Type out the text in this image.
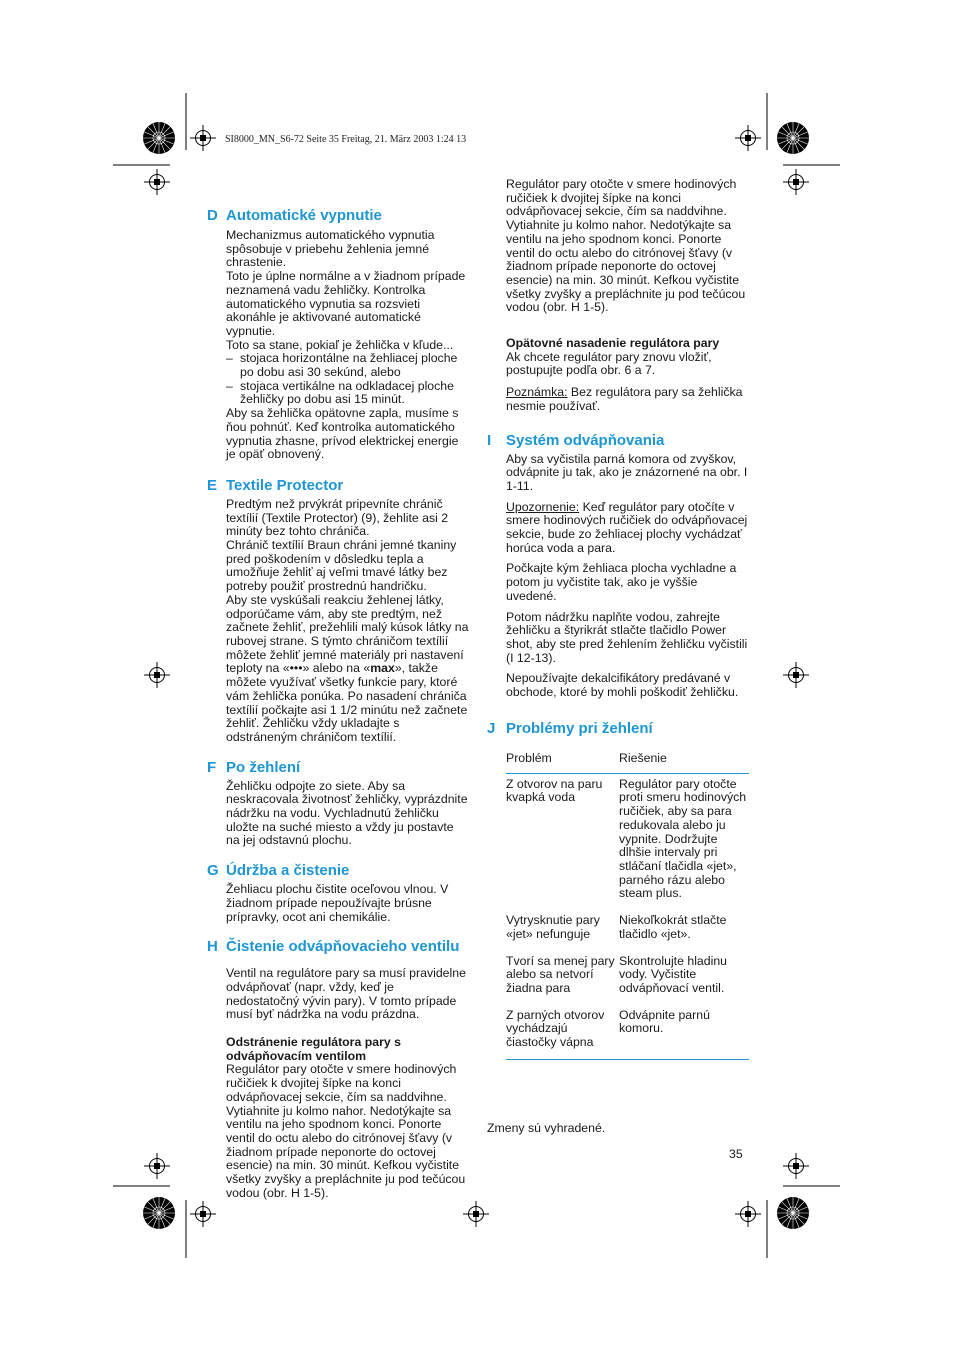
SI8000_MN_S6-72 Seite 35 Freitag, 21. März 2003 1:24 13
D Automatické vypnutie

Mechanizmus automatického vypnutia spôsobuje v priebehu žehlenia jemné chrastenie.

Toto je úplne normálne a v žiadnom prípade neznamená vadu žehličky. Kontrolka automatického vypnutia sa rozsvieti akonáhle je aktivované automatické vypnutie.

Toto sa stane, pokiaľ je žehlička v kľude...

– stojaca horizontálne na žehliacej ploche po dobu asi 30 sekúnd, alebo
– stojaca vertikálne na odkladacej ploche žehličky po dobu asi 15 minút.

Aby sa žehlička opätovne zapla, musíme s ňou pohnúť. Keď kontrolka automatického vypnutia zhasne, prívod elektrickej energie je opäť obnovený.

E Textile Protector

Predtým než prvýkrát pripevníte chránič textílií (Textile Protector) (9), žehlite asi 2 minúty bez tohto chrániča.

Chránič textílií Braun chráni jemné tkaniny pred poškodením v dôsledku tepla a umožňuje žehliť aj veľmi tmavé látky bez potreby použiť prostrednú handričku.

Aby ste vyskúšali reakciu žehlenej látky, odporúčame vám, aby ste predtým, než začnete žehliť, prežehlili malý kúsok látky na rubovej strane. S týmto chráničom textílií môžete žehliť jemné materiály pri nastavení teploty na «•••» alebo na «max», takže môžete využívať všetky funkcie pary, ktoré vám žehlička ponúka. Po nasadení chrániča textílií počkajte asi 1 1/2 minútu než začnete žehliť. Žehličku vždy ukladajte s odstráneným chráničom textílií.

F Po žehlení

Žehličku odpojte zo siete. Aby sa neskracovala životnosť žehličky, vyprázdnite nádržku na vodu. Vychladnutú žehličku uložte na suché miesto a vždy ju postavte na jej odstavnú plochu.

G Údržba a čistenie

Žehliacu plochu čistite oceľovou vlnou. V žiadnom prípade nepoužívajte brúsne prípravky, ocot ani chemikálie.

H Čistenie odvápňovacieho ventilu

Ventil na regulátore pary sa musí pravidelne odvápňovať (napr. vždy, keď je nedostatočný vývin pary). V tomto prípade musí byť nádržka na vodu prázdna.

Odstránenie regulátora pary s odvápňovacím ventilom

Regulátor pary otočte v smere hodinových ručičiek k dvojitej šípke na konci odvápňovacej sekcie, čím sa naddvihne. Vytiahnite ju kolmo nahor. Nedotýkajte sa ventilu na jeho spodnom konci. Ponorte ventil do octu alebo do citrónovej šťavy (v žiadnom prípade neponorte do octovej esencie) na min. 30 minút. Kefkou vyčistite všetky zvyšky a prepláchnite ju pod tečúcou vodou (obr. H 1-5).

Regulátor pary otočte v smere hodinových ručičiek k dvojitej šípke na konci odvápňovacej sekcie, čím sa naddvihne. Vytiahnite ju kolmo nahor. Nedotýkajte sa ventilu na jeho spodnom konci. Ponorte ventil do octu alebo do citrónovej šťavy (v žiadnom prípade neponorte do octovej esencie) na min. 30 minút. Kefkou vyčistite všetky zvyšky a prepláchnite ju pod tečúcou vodou (obr. H 1-5).

Opätovné nasadenie regulátora pary

Ak chcete regulátor pary znovu vložiť, postupujte podľa obr. 6 a 7.

Poznámka: Bez regulátora pary sa žehlička nesmie používať.

I Systém odvápňovania

Aby sa vyčistila parná komora od zvyškov, odvápnite ju tak, ako je znázornené na obr. I 1-11.

Upozornenie: Keď regulátor pary otočíte v smere hodinových ručičiek do odvápňovacej sekcie, bude zo žehliacej plochy vychádzať horúca voda a para.

Počkajte kým žehliaca plocha vychladne a potom ju vyčistite tak, ako je vyššie uvedené.

Potom nádržku naplňte vodou, zahrejte žehličku a štyrikrát stlačte tlačidlo Power shot, aby ste pred žehlením žehličku vyčistili (I 12-13).

Nepoužívajte dekalcifikátory predávané v obchode, ktoré by mohli poškodiť žehličku.

J Problémy pri žehlení
Problém	Riešenie
Z otvorov na paru kvapká voda
Regulátor pary otočte proti smeru hodinových ručičiek, aby sa para redukovala alebo ju vypnite. Dodržujte dlhšie intervaly pri stláčaní tlačidla «jet», parného rázu alebo steam plus.
Vytrysknutie pary «jet» nefunguje
Niekoľkokrát stlačte tlačidlo «jet».
Tvorí sa menej pary alebo sa netvorí žiadna para
Skontrolujte hladinu vody. Vyčistite odvápňovací ventil.
Z parných otvorov vychádzajú čiastočky vápna
Odvápnite parnú komoru.
Zmeny sú vyhradené.
35
